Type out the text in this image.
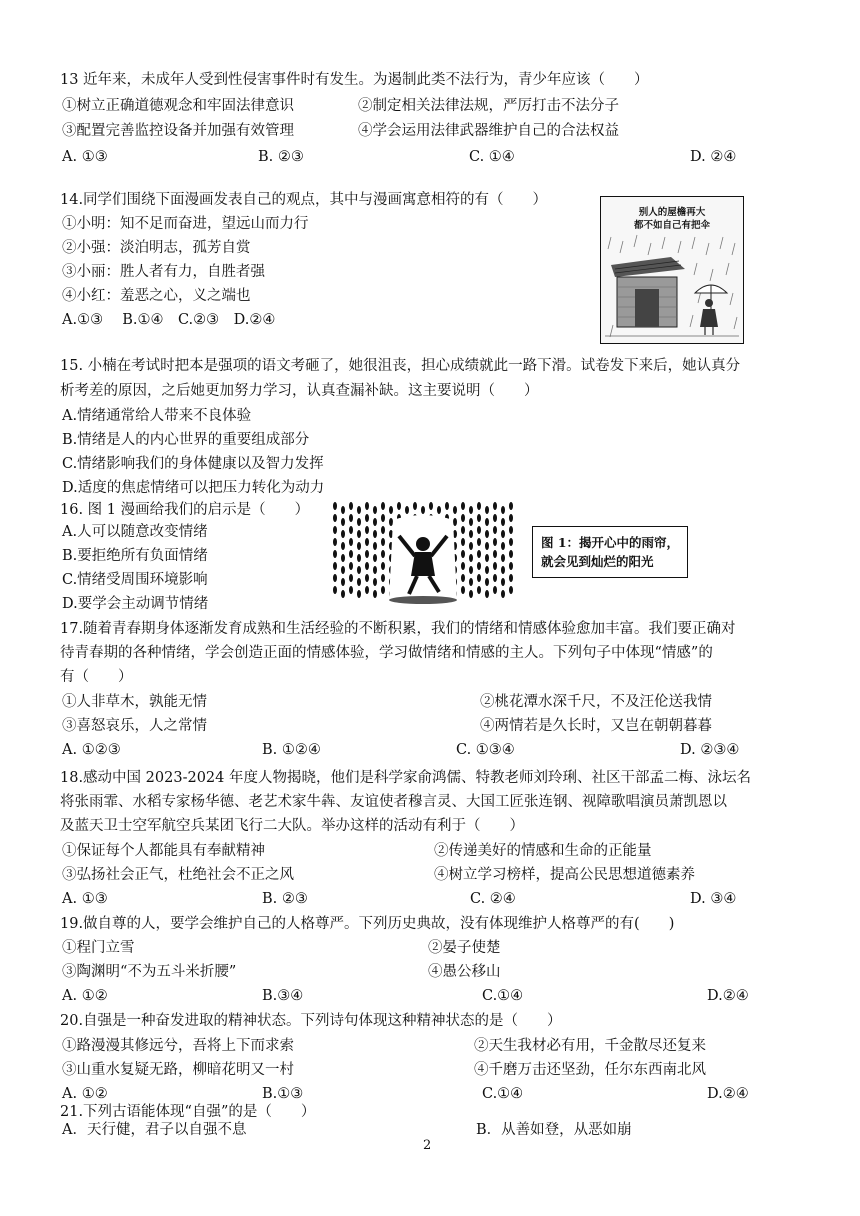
13 近年来，未成年人受到性侵害事件时有发生。为遏制此类不法行为，青少年应该（　　）
①树立正确道德观念和牢固法律意识	②制定相关法律法规，严厉打击不法分子
③配置完善监控设备并加强有效管理	④学会运用法律武器维护自己的合法权益
A. ①③	B. ②③	C. ①④	D. ②④
14.同学们围绕下面漫画发表自己的观点，其中与漫画寓意相符的有（　　）
①小明：知不足而奋进，望远山而力行
②小强：淡泊明志，孤芳自赏
③小丽：胜人者有力，自胜者强
④小红：羞恶之心，义之端也
A.①③　 B.①④　C.②③　D.②④
别人的屋檐再大
都不如自己有把伞
15. 小楠在考试时把本是强项的语文考砸了，她很沮丧，担心成绩就此一路下滑。试卷发下来后，她认真分
析考差的原因，之后她更加努力学习，认真查漏补缺。这主要说明（　　）
A.情绪通常给人带来不良体验
B.情绪是人的内心世界的重要组成部分
C.情绪影响我们的身体健康以及智力发挥
D.适度的焦虑情绪可以把压力转化为动力
16. 图 1 漫画给我们的启示是（　　）
A.人可以随意改变情绪
B.要拒绝所有负面情绪
C.情绪受周围环境影响
D.要学会主动调节情绪
图 1：揭开心中的雨帘，
就会见到灿烂的阳光
17.随着青春期身体逐渐发育成熟和生活经验的不断积累，我们的情绪和情感体验愈加丰富。我们要正确对
待青春期的各种情绪，学会创造正面的情感体验，学习做情绪和情感的主人。下列句子中体现“情感”的
有（　　）
①人非草木，孰能无情	②桃花潭水深千尺，不及汪伦送我情
③喜怒哀乐，人之常情	④两情若是久长时，又岂在朝朝暮暮
A. ①②③	B. ①②④	C. ①③④	D. ②③④
18.感动中国 2023-2024 年度人物揭晓，他们是科学家俞鸿儒、特教老师刘玲琍、社区干部孟二梅、泳坛名
将张雨霏、水稻专家杨华德、老艺术家牛犇、友谊使者穆言灵、大国工匠张连钢、视障歌唱演员萧凯恩以
及蓝天卫士空军航空兵某团飞行二大队。举办这样的活动有利于（　　）
①保证每个人都能具有奉献精神	②传递美好的情感和生命的正能量
③弘扬社会正气，杜绝社会不正之风	④树立学习榜样，提高公民思想道德素养
A. ①③	B. ②③	C. ②④	D. ③④
19.做自尊的人，要学会维护自己的人格尊严。下列历史典故，没有体现维护人格尊严的有(　　)
①程门立雪	②晏子使楚
③陶渊明“不为五斗米折腰”	④愚公移山
A. ①②	B.③④	C.①④	D.②④
20.自强是一种奋发进取的精神状态。下列诗句体现这种精神状态的是（　　）
①路漫漫其修远兮，吾将上下而求索	②天生我材必有用，千金散尽还复来
③山重水复疑无路，柳暗花明又一村	④千磨万击还坚劲，任尔东西南北风
A. ①②	B.①③	C.①④	D.②④
21.下列古语能体现“自强”的是（　　）
A．天行健，君子以自强不息	B．从善如登，从恶如崩
2
